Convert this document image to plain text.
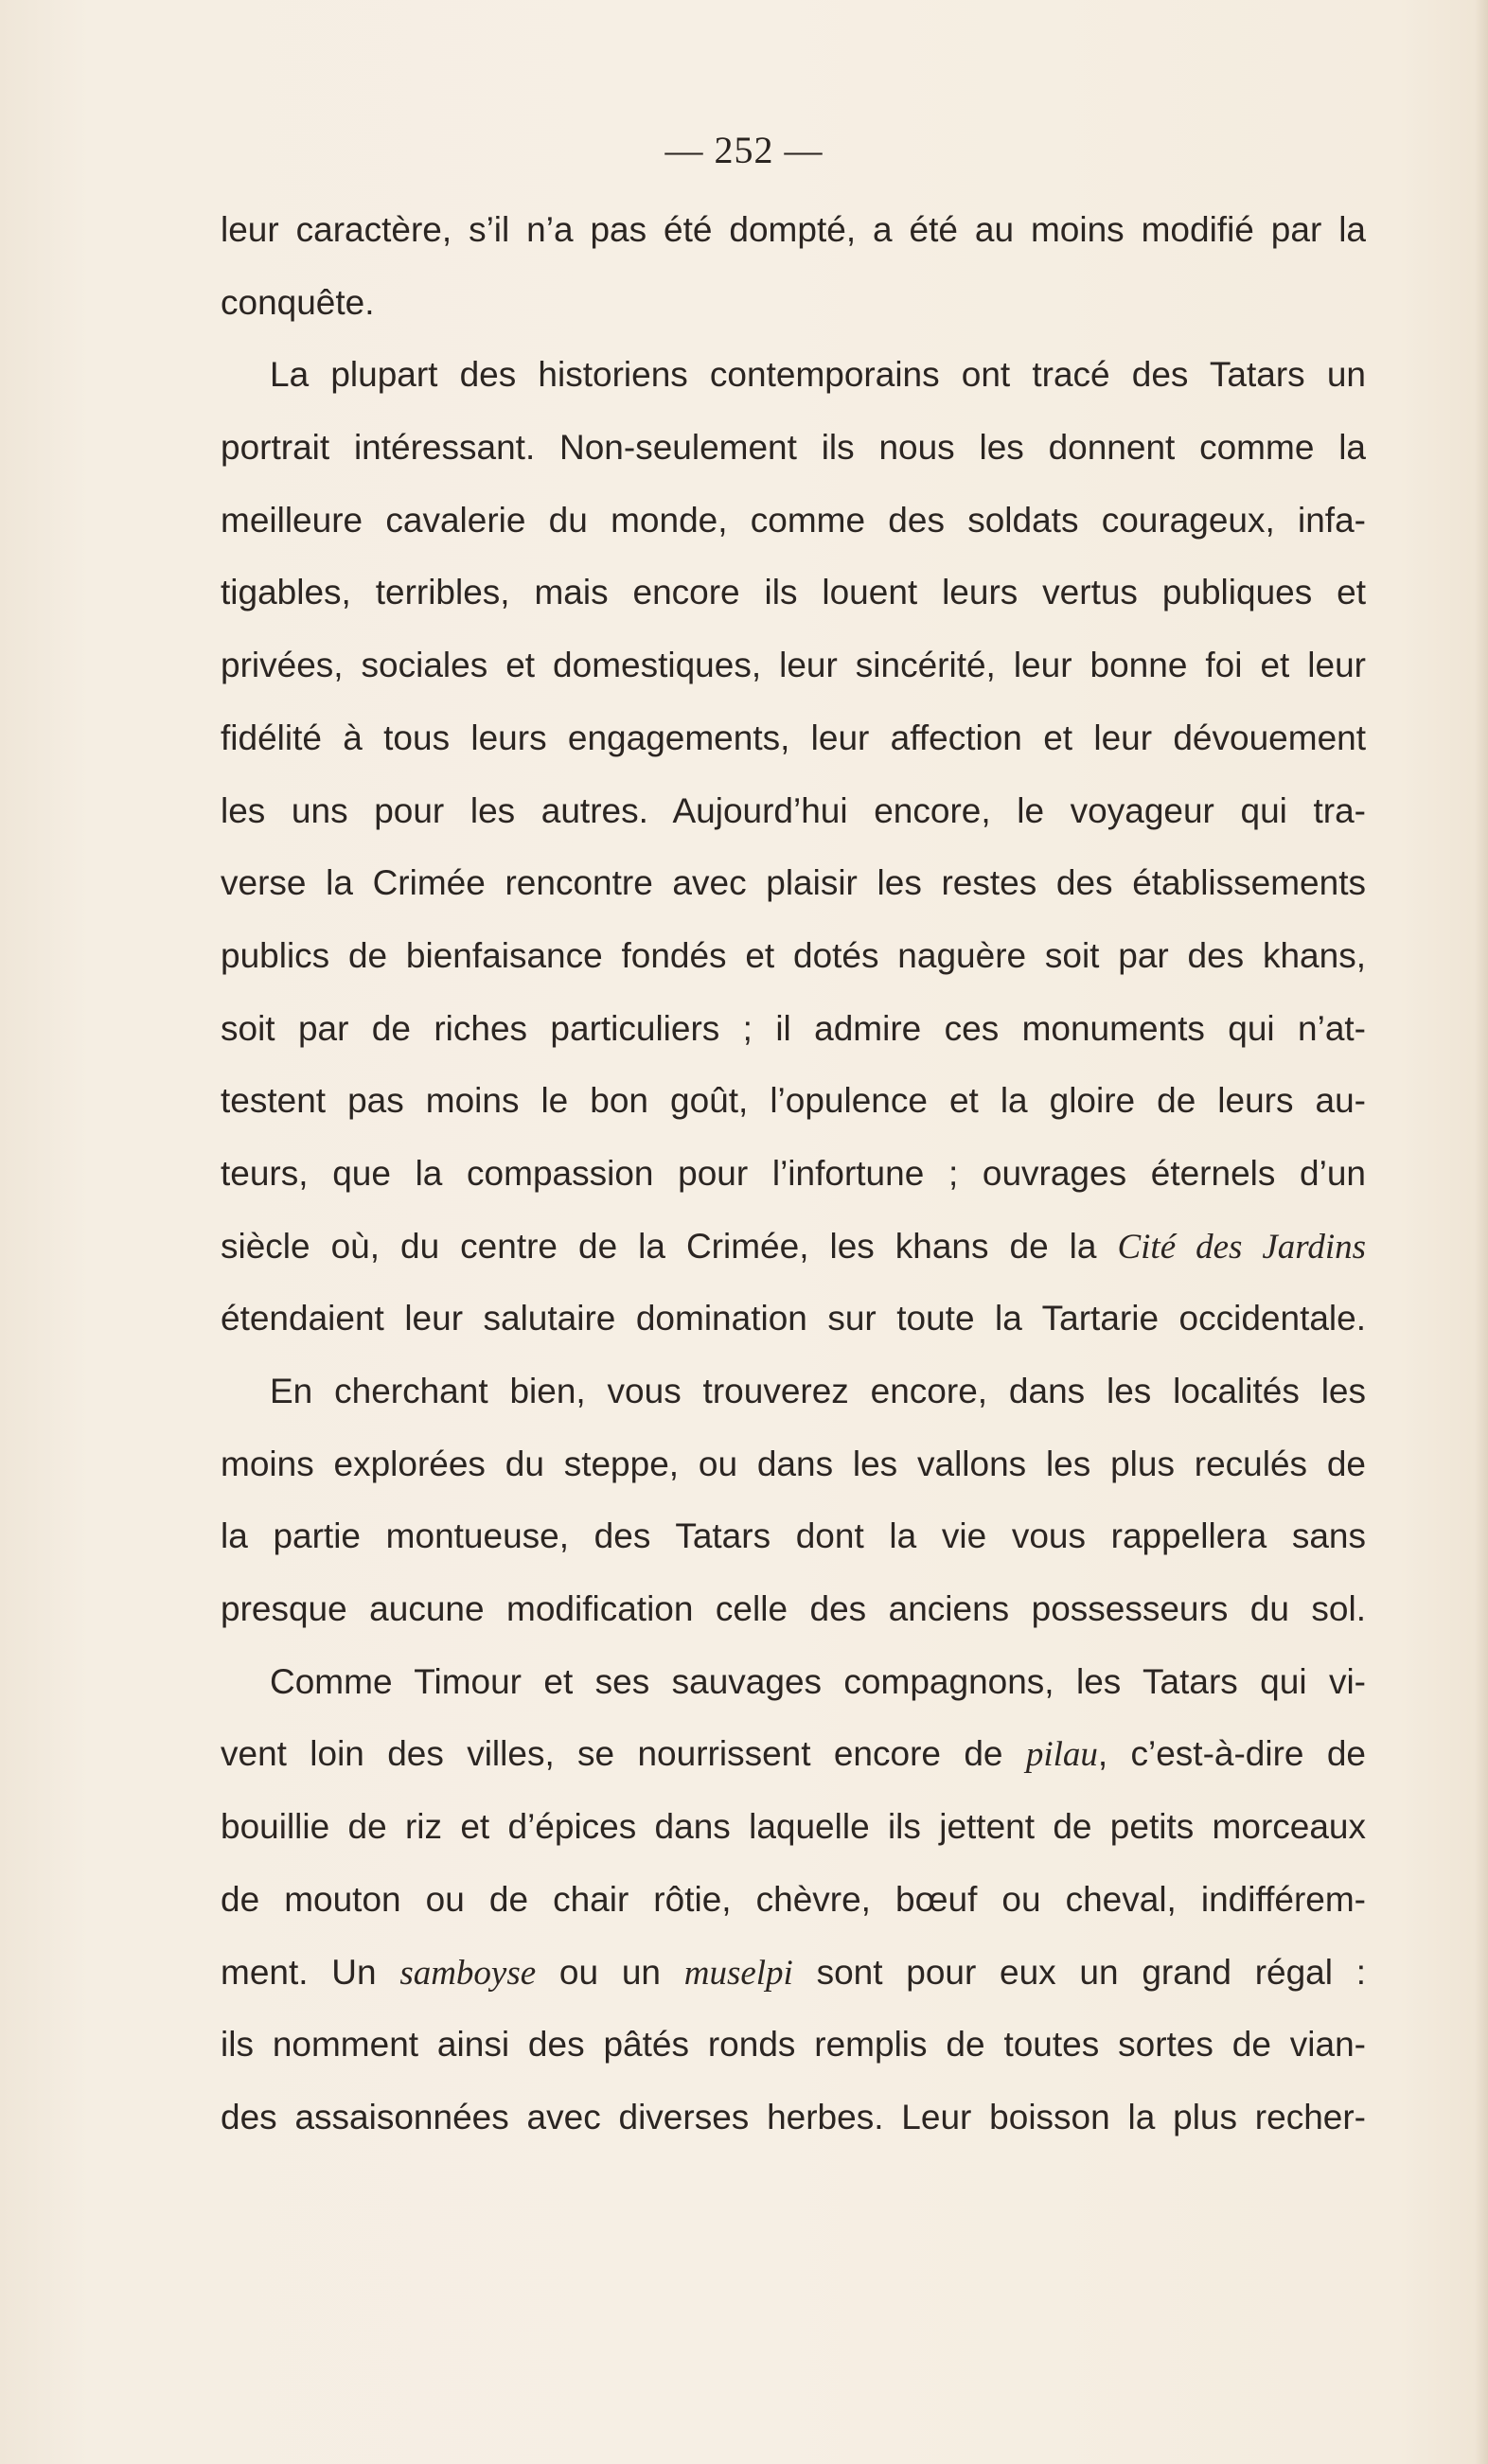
— 252 —
leur caractère, s’il n’a pas été dompté, a été au moins modifié par la
conquête.
La plupart des historiens contemporains ont tracé des Tatars un
portrait intéressant. Non-seulement ils nous les donnent comme la
meilleure cavalerie du monde, comme des soldats courageux, infa-
tigables, terribles, mais encore ils louent leurs vertus publiques et
privées, sociales et domestiques, leur sincérité, leur bonne foi et leur
fidélité à tous leurs engagements, leur affection et leur dévouement
les uns pour les autres. Aujourd’hui encore, le voyageur qui tra-
verse la Crimée rencontre avec plaisir les restes des établissements
publics de bienfaisance fondés et dotés naguère soit par des khans,
soit par de riches particuliers ; il admire ces monuments qui n’at-
testent pas moins le bon goût, l’opulence et la gloire de leurs au-
teurs, que la compassion pour l’infortune ; ouvrages éternels d’un
siècle où, du centre de la Crimée, les khans de la Cité des Jardins
étendaient leur salutaire domination sur toute la Tartarie occidentale.
En cherchant bien, vous trouverez encore, dans les localités les
moins explorées du steppe, ou dans les vallons les plus reculés de
la partie montueuse, des Tatars dont la vie vous rappellera sans
presque aucune modification celle des anciens possesseurs du sol.
Comme Timour et ses sauvages compagnons, les Tatars qui vi-
vent loin des villes, se nourrissent encore de pilau, c’est-à-dire de
bouillie de riz et d’épices dans laquelle ils jettent de petits morceaux
de mouton ou de chair rôtie, chèvre, bœuf ou cheval, indifférem-
ment. Un samboyse ou un muselpi sont pour eux un grand régal :
ils nomment ainsi des pâtés ronds remplis de toutes sortes de vian-
des assaisonnées avec diverses herbes. Leur boisson la plus recher-
